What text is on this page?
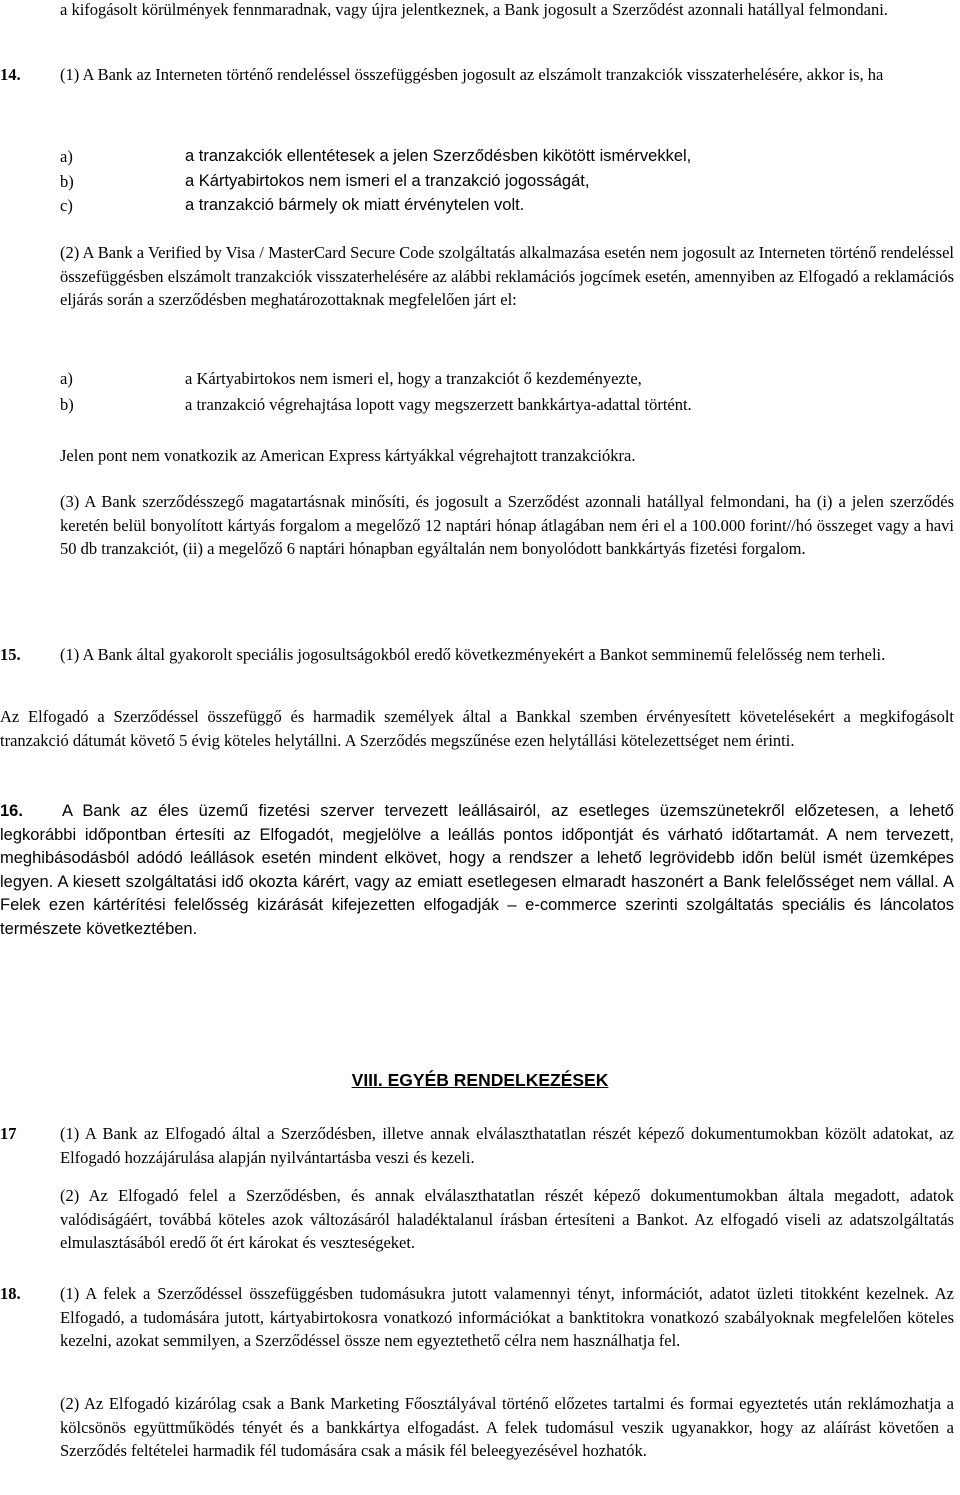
a kifogásolt körülmények fennmaradnak, vagy újra jelentkeznek, a Bank jogosult a Szerződést azonnali hatállyal felmondani.

14. (1) A Bank az Interneten történő rendeléssel összefüggésben jogosult az elszámolt tranzakciók visszaterhelésére, akkor is, ha

a)	a tranzakciók ellentétesek a jelen Szerződésben kikötött ismérvekkel,
b)	a Kártyabirtokos nem ismeri el a tranzakció jogosságát,
c)	a tranzakció bármely ok miatt érvénytelen volt.

(2) A Bank a Verified by Visa / MasterCard Secure Code szolgáltatás alkalmazása esetén nem jogosult az Interneten történő rendeléssel összefüggésben elszámolt tranzakciók visszaterhelésére az alábbi reklamációs jogcímek esetén, amennyiben az Elfogadó a reklamációs eljárás során a szerződésben meghatározottaknak megfelelően járt el:

a)	a Kártyabirtokos nem ismeri el, hogy a tranzakciót ő kezdeményezte,
b)	a tranzakció végrehajtása lopott vagy megszerzett bankkártya-adattal történt.

Jelen pont nem vonatkozik az American Express kártyákkal végrehajtott tranzakciókra.

(3) A Bank szerződésszegő magatartásnak minősíti, és jogosult a Szerződést azonnali hatállyal felmondani, ha (i) a jelen szerződés keretén belül bonyolított kártyás forgalom a megelőző 12 naptári hónap átlagában nem éri el a 100.000 forint//hó összeget vagy a havi 50 db tranzakciót, (ii) a megelőző 6 naptári hónapban egyáltalán nem bonyolódott bankkártyás fizetési forgalom.

15. (1) A Bank által gyakorolt speciális jogosultságokból eredő következményekért a Bankot semminemű felelősség nem terheli.

Az Elfogadó a Szerződéssel összefüggő és harmadik személyek által a Bankkal szemben érvényesített követelésekért a megkifogásolt tranzakció dátumát követő 5 évig köteles helytállni. A Szerződés megszűnése ezen helytállási kötelezettséget nem érinti.

16.	A Bank az éles üzemű fizetési szerver tervezett leállásairól, az esetleges üzemszünetekről előzetesen, a lehető legkorábbi időpontban értesíti az Elfogadót, megjelölve a leállás pontos időpontját és várható időtartamát. A nem tervezett, meghibásodásból adódó leállások esetén mindent elkövet, hogy a rendszer a lehető legrövidebb időn belül ismét üzemképes legyen. A kiesett szolgáltatási idő okozta kárért, vagy az emiatt esetlegesen elmaradt haszonért a Bank felelősséget nem vállal. A Felek ezen kártérítési felelősség kizárását kifejezetten elfogadják – e-commerce szerinti szolgáltatás speciális és láncolatos természete következtében.

VIII. EGYÉB RENDELKEZÉSEK
17	(1) A Bank az Elfogadó által a Szerződésben, illetve annak elválaszthatatlan részét képező dokumentumokban közölt adatokat, az Elfogadó hozzájárulása alapján nyilvántartásba veszi és kezeli.

(2) Az Elfogadó felel a Szerződésben, és annak elválaszthatatlan részét képező dokumentumokban általa megadott, adatok valódiságáért, továbbá köteles azok változásáról haladéktalanul írásban értesíteni a Bankot. Az elfogadó viseli az adatszolgáltatás elmulasztásából eredő őt ért károkat és veszteségeket.

18. (1) A felek a Szerződéssel összefüggésben tudomásukra jutott valamennyi tényt, információt, adatot üzleti titokként kezelnek. Az Elfogadó, a tudomására jutott, kártyabirtokosra vonatkozó információkat a banktitokra vonatkozó szabályoknak megfelelően köteles kezelni, azokat semmilyen, a Szerződéssel össze nem egyeztethető célra nem használhatja fel.

(2) Az Elfogadó kizárólag csak a Bank Marketing Főosztályával történő előzetes tartalmi és formai egyeztetés után reklámozhatja a kölcsönös együttműködés tényét és a bankkártya elfogadást. A felek tudomásul veszik ugyanakkor, hogy az aláírást követően a Szerződés feltételei harmadik fél tudomására csak a másik fél beleegyezésével hozhatók.
